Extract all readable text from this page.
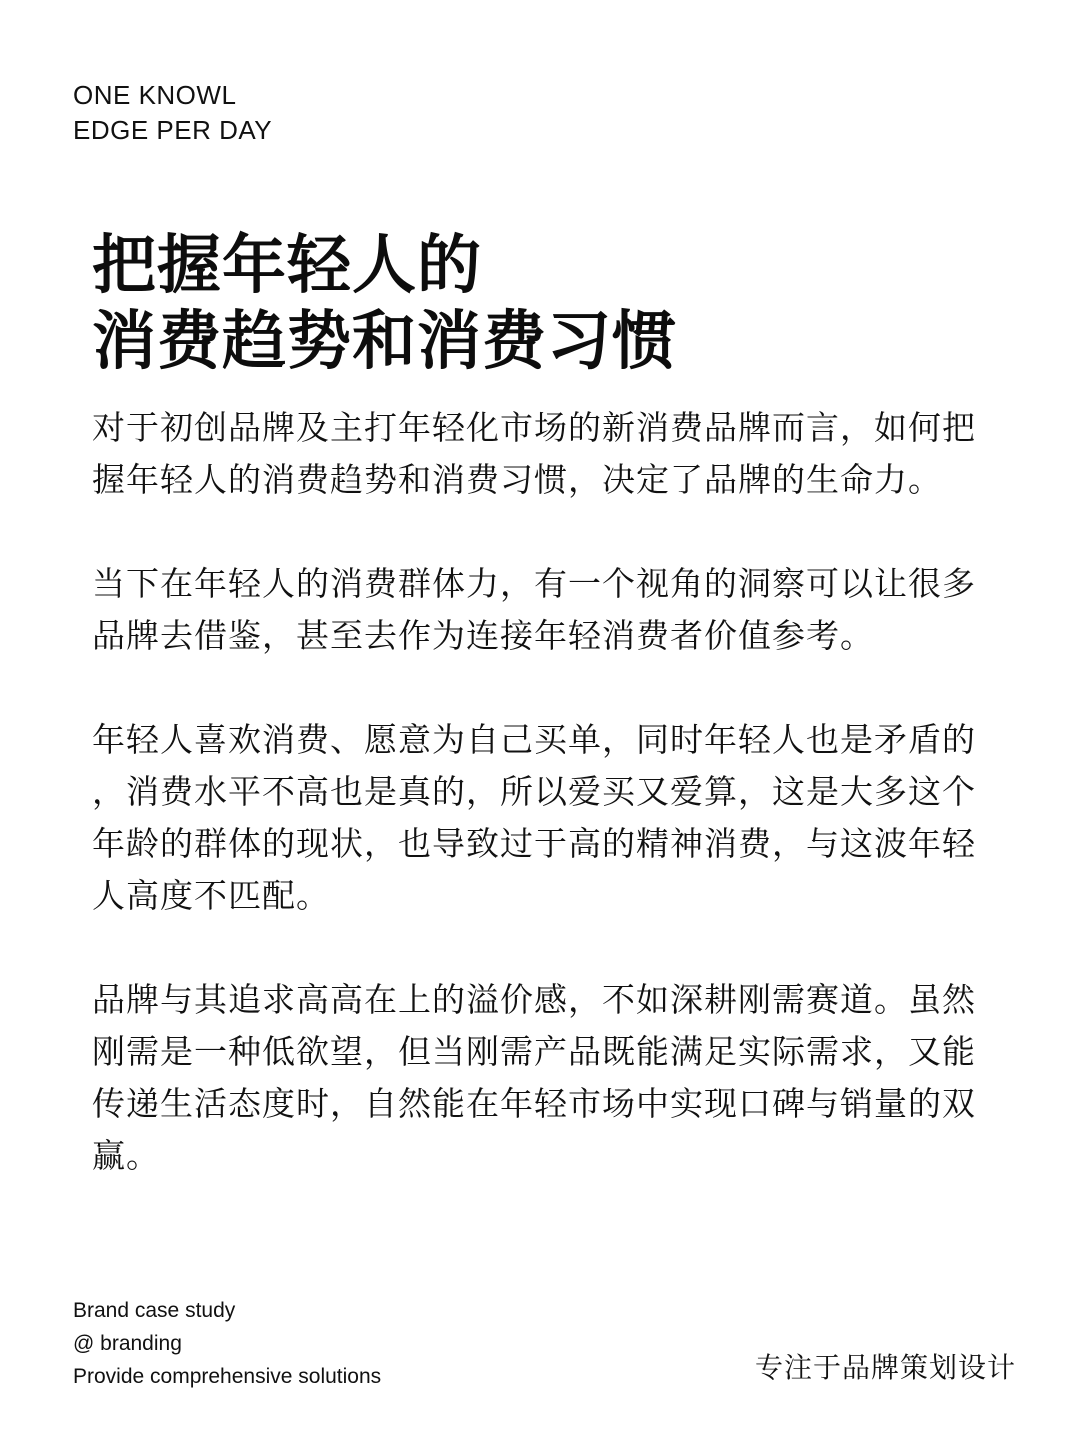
ONE KNOWL
EDGE PER DAY
把握年轻人的
消费趋势和消费习惯
对于初创品牌及主打年轻化市场的新消费品牌而言，如何把
握年轻人的消费趋势和消费习惯，决定了品牌的生命力。
当下在年轻人的消费群体力，有一个视角的洞察可以让很多
品牌去借鉴，甚至去作为连接年轻消费者价值参考。
年轻人喜欢消费、愿意为自己买单，同时年轻人也是矛盾的
，消费水平不高也是真的，所以爱买又爱算，这是大多这个
年龄的群体的现状，也导致过于高的精神消费，与这波年轻
人高度不匹配。
品牌与其追求高高在上的溢价感，不如深耕刚需赛道。虽然
刚需是一种低欲望，但当刚需产品既能满足实际需求，又能
传递生活态度时，自然能在年轻市场中实现口碑与销量的双
赢。
Brand case study
@ branding
Provide comprehensive solutions	专注于品牌策划设计
